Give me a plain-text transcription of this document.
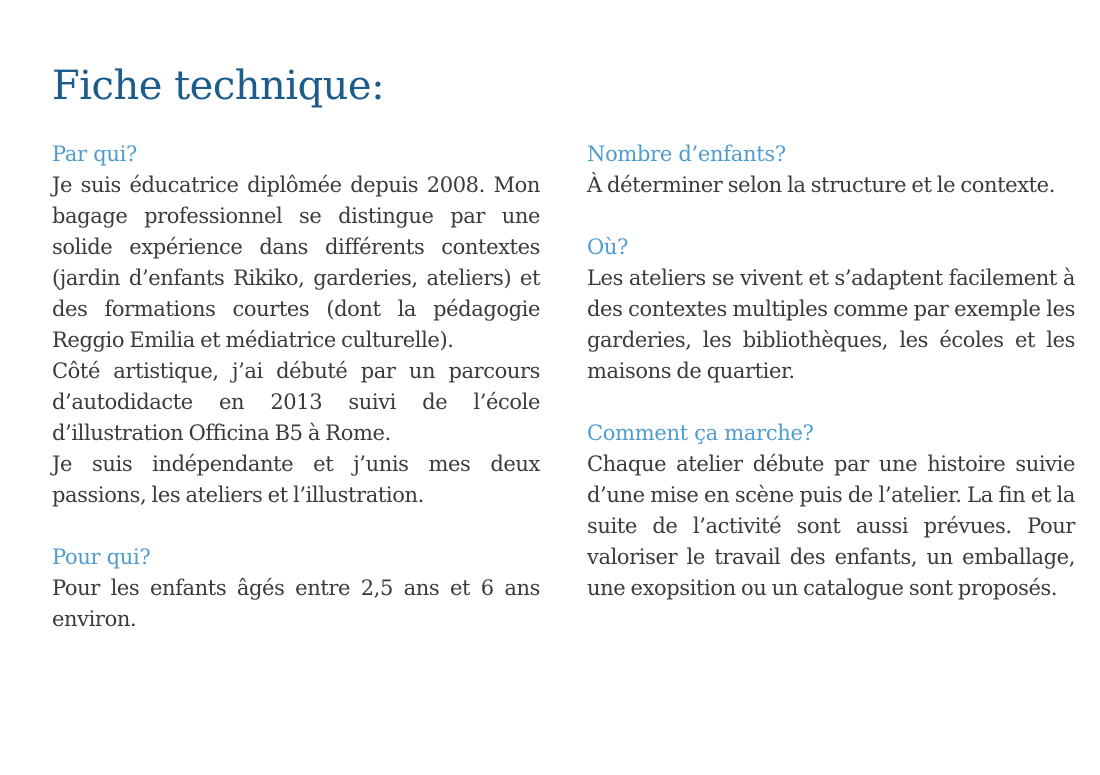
Fiche technique:
Par qui?

Je suis éducatrice diplômée depuis 2008. Mon bagage professionnel se distingue par une solide expérience dans différents contextes (jardin d’enfants Rikiko, garderies, ateliers) et des formations courtes (dont la pédagogie Reggio Emilia et médiatrice culturelle).

Côté artistique, j’ai débuté par un parcours d’autodidacte en 2013 suivi de l’école d’illustration Officina B5 à Rome.

Je suis indépendante et j’unis mes deux passions, les ateliers et l’illustration.

Pour qui?

Pour les enfants âgés entre 2,5 ans et 6 ans environ.

Nombre d’enfants?

À déterminer selon la structure et le contexte.

Où?

Les ateliers se vivent et s’adaptent facilement à des contextes multiples comme par exemple les garderies, les bibliothèques, les écoles et les maisons de quartier.

Comment ça marche?

Chaque atelier débute par une histoire suivie d’une mise en scène puis de l’atelier. La fin et la suite de l’activité sont aussi prévues. Pour valoriser le travail des enfants, un emballage, une exopsition ou un catalogue sont proposés.
